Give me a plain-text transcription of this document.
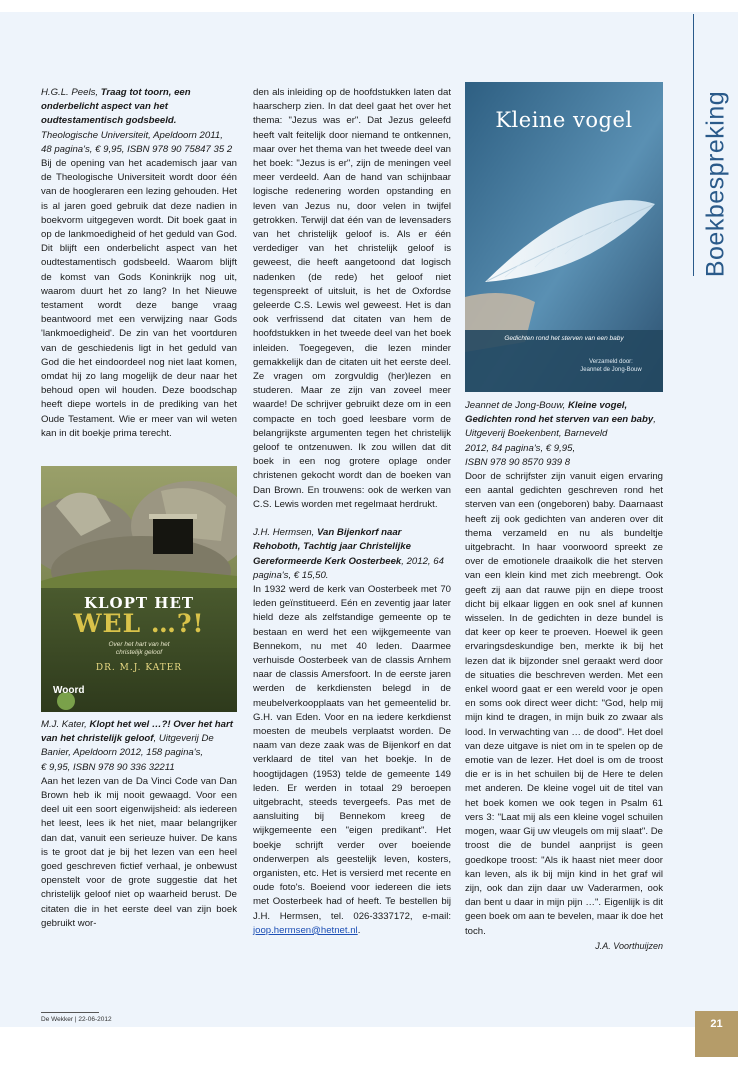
H.G.L. Peels, Traag tot toorn, een onderbelicht aspect van het oudtestamentisch godsbeeld.
Theologische Universiteit, Apeldoorn 2011,
48 pagina's, € 9,95, ISBN 978 90 75847 35 2

Bij de opening van het academisch jaar van de Theologische Universiteit wordt door één van de hoogleraren een lezing gehouden. Het is al jaren goed gebruik dat deze nadien in boekvorm uitgegeven wordt. Dit boek gaat in op de lankmoedigheid of het geduld van God. Dit blijft een onderbelicht aspect van het oudtestamentisch godsbeeld. Waarom blijft de komst van Gods Koninkrijk nog uit, waarom duurt het zo lang? In het Nieuwe testament wordt deze bange vraag beantwoord met een verwijzing naar Gods 'lankmoedigheid'. De zin van het voortduren van de geschiedenis ligt in het geduld van God die het eindoordeel nog niet laat komen, omdat hij zo lang mogelijk de deur naar het behoud open wil houden. Deze boodschap heeft diepe wortels in de prediking van het Oude Testament. Wie er meer van wil weten kan in dit boekje prima terecht.

KLOPT HET
WEL …?!
Over het hart van het
christelijk geloof
DR. M.J. KATER
Woord

M.J. Kater, Klopt het wel …?! Over het hart van het christelijk geloof, Uitgeverij De Banier, Apeldoorn 2012, 158 pagina's,
€ 9,95, ISBN 978 90 336 32211

Aan het lezen van de Da Vinci Code van Dan Brown heb ik mij nooit gewaagd. Voor een deel uit een soort eigenwijsheid: als iedereen het leest, lees ik het niet, maar belangrijker dan dat, vanuit een serieuze huiver. De kans is te groot dat je bij het lezen van een heel goed geschreven fictief verhaal, je onbewust openstelt voor de grote suggestie dat het christelijk geloof niet op waarheid berust. De citaten die in het eerste deel van zijn boek gebruikt wor-

den als inleiding op de hoofdstukken laten dat haarscherp zien. In dat deel gaat het over het thema: "Jezus was er". Dat Jezus geleefd heeft valt feitelijk door niemand te ontkennen, maar over het thema van het tweede deel van het boek: "Jezus is er", zijn de meningen veel meer verdeeld. Aan de hand van schijnbaar logische redenering worden opstanding en leven van Jezus nu, door velen in twijfel getrokken. Terwijl dat één van de levensaders van het christelijk geloof is. Als er één verdediger van het christelijk geloof is geweest, die heeft aangetoond dat logisch nadenken (de rede) het geloof niet tegenspreekt of uitsluit, is het de Oxfordse geleerde C.S. Lewis wel geweest. Het is dan ook verfrissend dat citaten van hem de hoofdstukken in het tweede deel van het boek inleiden. Toegegeven, die lezen minder gemakkelijk dan de citaten uit het eerste deel. Ze vragen om zorgvuldig (her)lezen en studeren. Maar ze zijn van zoveel meer waarde! De schrijver gebruikt deze om in een compacte en toch goed leesbare vorm de belangrijkste argumenten tegen het christelijk geloof te ontzenuwen. Ik zou willen dat dit boek in een nog grotere oplage onder christenen gekocht wordt dan de boeken van Dan Brown. En trouwens: ook de werken van C.S. Lewis worden met regelmaat herdrukt.

J.H. Hermsen, Van Bijenkorf naar Rehoboth, Tachtig jaar Christelijke Gereformeerde Kerk Oosterbeek, 2012, 64 pagina's, € 15,50.

In 1932 werd de kerk van Oosterbeek met 70 leden geïnstitueerd. Eén en zeventig jaar later hield deze als zelfstandige gemeente op te bestaan en werd het een wijkgemeente van Bennekom, nu met 40 leden. Daarmee verhuisde Oosterbeek van de classis Arnhem naar de classis Amersfoort. In de eerste jaren werden de kerkdiensten belegd in de meubelverkoopplaats van het gemeentelid br. G.H. van Eden. Voor en na iedere kerkdienst moesten de meubels verplaatst worden. De naam van deze zaak was de Bijenkorf en dat verklaard de titel van het boekje. In de hoogtijdagen (1953) telde de gemeente 149 leden. Er werden in totaal 29 beroepen uitgebracht, steeds tevergeefs. Pas met de aansluiting bij Bennekom kreeg de wijkgemeente een "eigen predikant". Het boekje schrijft verder over boeiende onderwerpen als geestelijk leven, kosters, organisten, etc. Het is versierd met recente en oude foto's. Boeiend voor iedereen die iets met Oosterbeek had of heeft. Te bestellen bij J.H. Hermsen, tel. 026-3337172, e-mail: joop.hermsen@hetnet.nl.

Kleine vogel
Gedichten rond het sterven van een baby
Verzameld door:
Jeannet de Jong-Bouw

Jeannet de Jong-Bouw, Kleine vogel, Gedichten rond het sterven van een baby, Uitgeverij Boekenbent, Barneveld
2012, 84 pagina's, € 9,95,
ISBN 978 90 8570 939 8

Door de schrijfster zijn vanuit eigen ervaring een aantal gedichten geschreven rond het sterven van een (ongeboren) baby. Daarnaast heeft zij ook gedichten van anderen over dit thema verzameld en nu als bundeltje uitgebracht. In haar voorwoord spreekt ze over de emotionele draaikolk die het sterven van een klein kind met zich meebrengt. Ook geeft zij aan dat rauwe pijn en diepe troost dicht bij elkaar liggen en ook snel af kunnen wisselen. In de gedichten in deze bundel is dat keer op keer te proeven. Hoewel ik geen ervaringsdeskundige ben, merkte ik bij het lezen dat ik bijzonder snel geraakt werd door de situaties die beschreven werden. Met een enkel woord gaat er een wereld voor je open en soms ook direct weer dicht: "God, help mij mijn kind te dragen, in mijn buik zo zwaar als lood. In verwachting van … de dood". Het doel van deze uitgave is niet om in te spelen op de emotie van de lezer. Het doel is om de troost die er is in het schuilen bij de Here te delen met anderen. De kleine vogel uit de titel van het boek komen we ook tegen in Psalm 61 vers 3: "Laat mij als een kleine vogel schuilen mogen, waar Gij uw vleugels om mij slaat". De troost die de bundel aanprijst is geen goedkope troost: "Als ik haast niet meer door kan leven, als ik bij mijn kind in het graf wil zijn, ook dan zijn daar uw Vaderarmen, ook dan bent u daar in mijn pijn …". Eigenlijk is dit geen boek om aan te bevelen, maar ik doe het toch.

J.A. Voorthuijzen

Boekbespreking
De Wekker | 22-06-2012	21
